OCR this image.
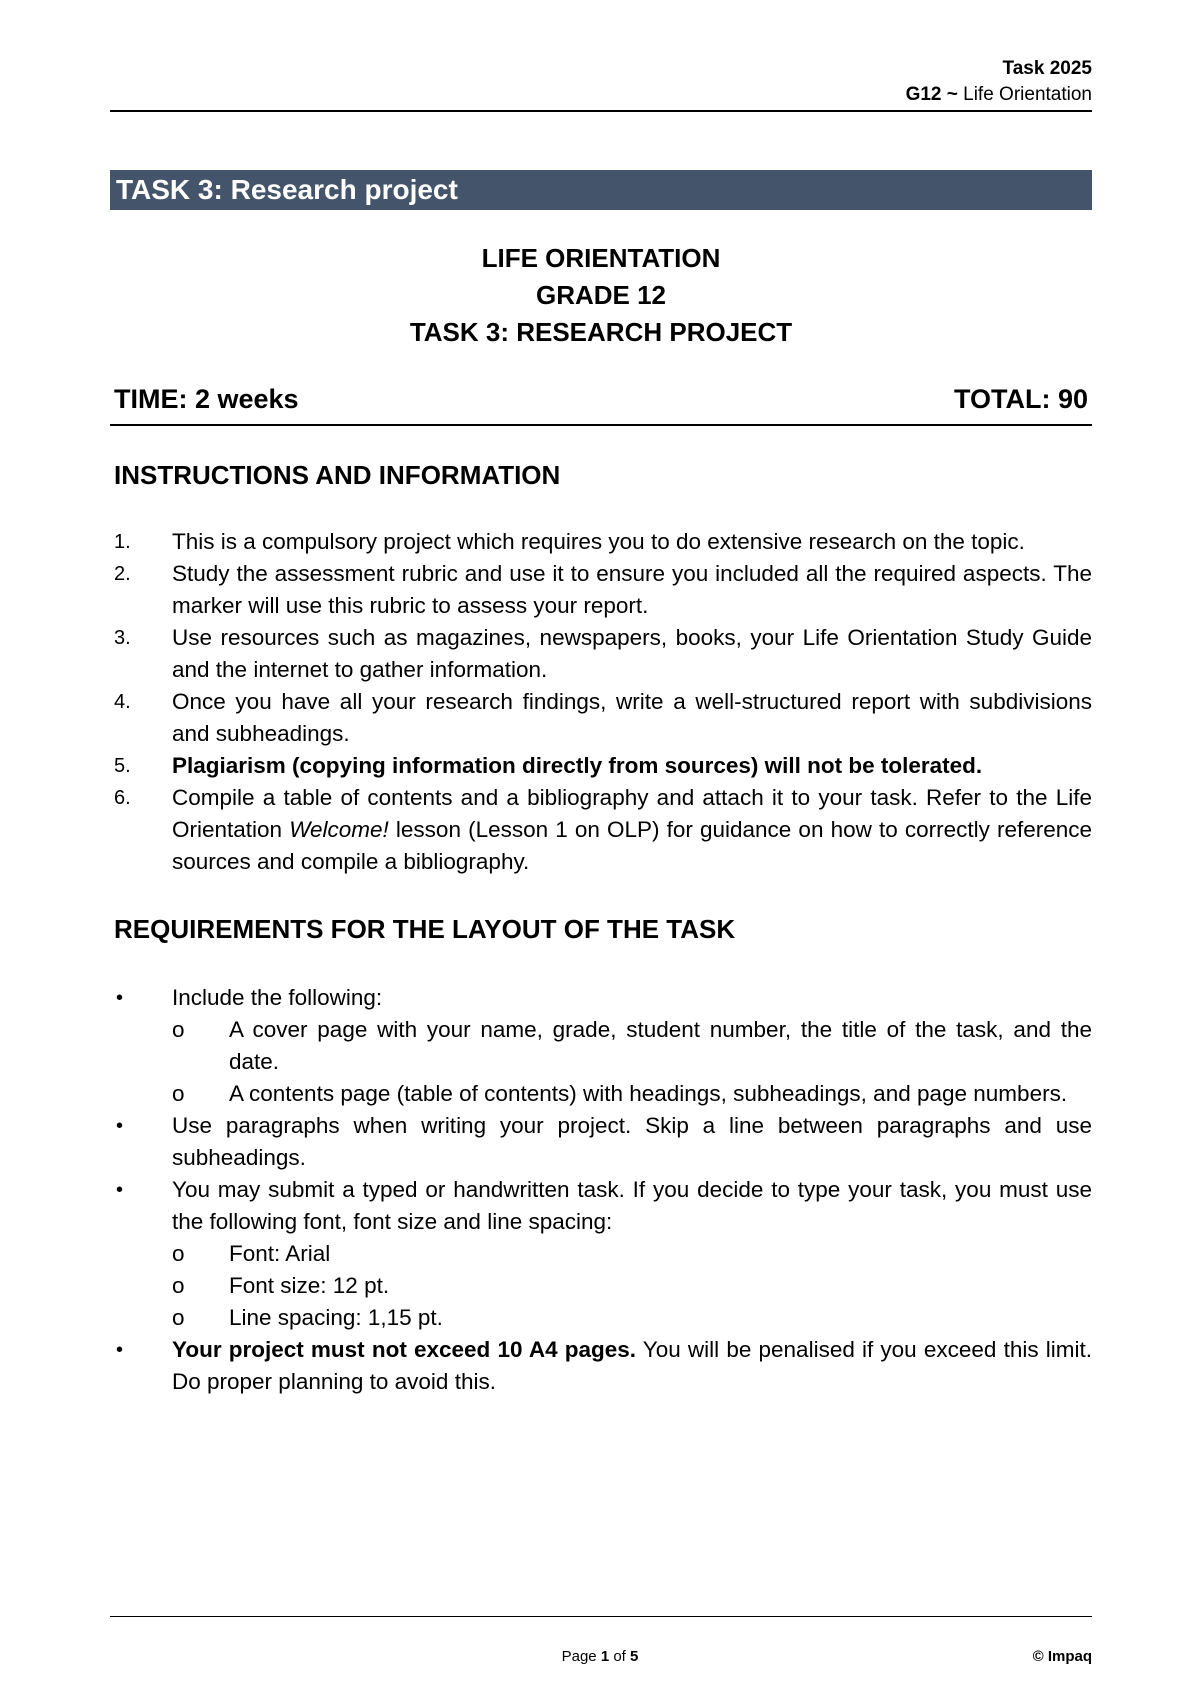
Task 2025
G12 ~ Life Orientation
TASK 3: Research project
LIFE ORIENTATION
GRADE 12
TASK 3: RESEARCH PROJECT
TIME: 2 weeks	TOTAL: 90
INSTRUCTIONS AND INFORMATION
1.	This is a compulsory project which requires you to do extensive research on the topic.
2.	Study the assessment rubric and use it to ensure you included all the required aspects. The marker will use this rubric to assess your report.
3.	Use resources such as magazines, newspapers, books, your Life Orientation Study Guide and the internet to gather information.
4.	Once you have all your research findings, write a well-structured report with subdivisions and subheadings.
5.	Plagiarism (copying information directly from sources) will not be tolerated.
6.	Compile a table of contents and a bibliography and attach it to your task. Refer to the Life Orientation Welcome! lesson (Lesson 1 on OLP) for guidance on how to correctly reference sources and compile a bibliography.
REQUIREMENTS FOR THE LAYOUT OF THE TASK
•	Include the following:
o	A cover page with your name, grade, student number, the title of the task, and the date.
o	A contents page (table of contents) with headings, subheadings, and page numbers.
•	Use paragraphs when writing your project. Skip a line between paragraphs and use subheadings.
•	You may submit a typed or handwritten task. If you decide to type your task, you must use the following font, font size and line spacing:
o	Font: Arial
o	Font size: 12 pt.
o	Line spacing: 1,15 pt.
•	Your project must not exceed 10 A4 pages. You will be penalised if you exceed this limit. Do proper planning to avoid this.
Page 1 of 5	© Impaq
